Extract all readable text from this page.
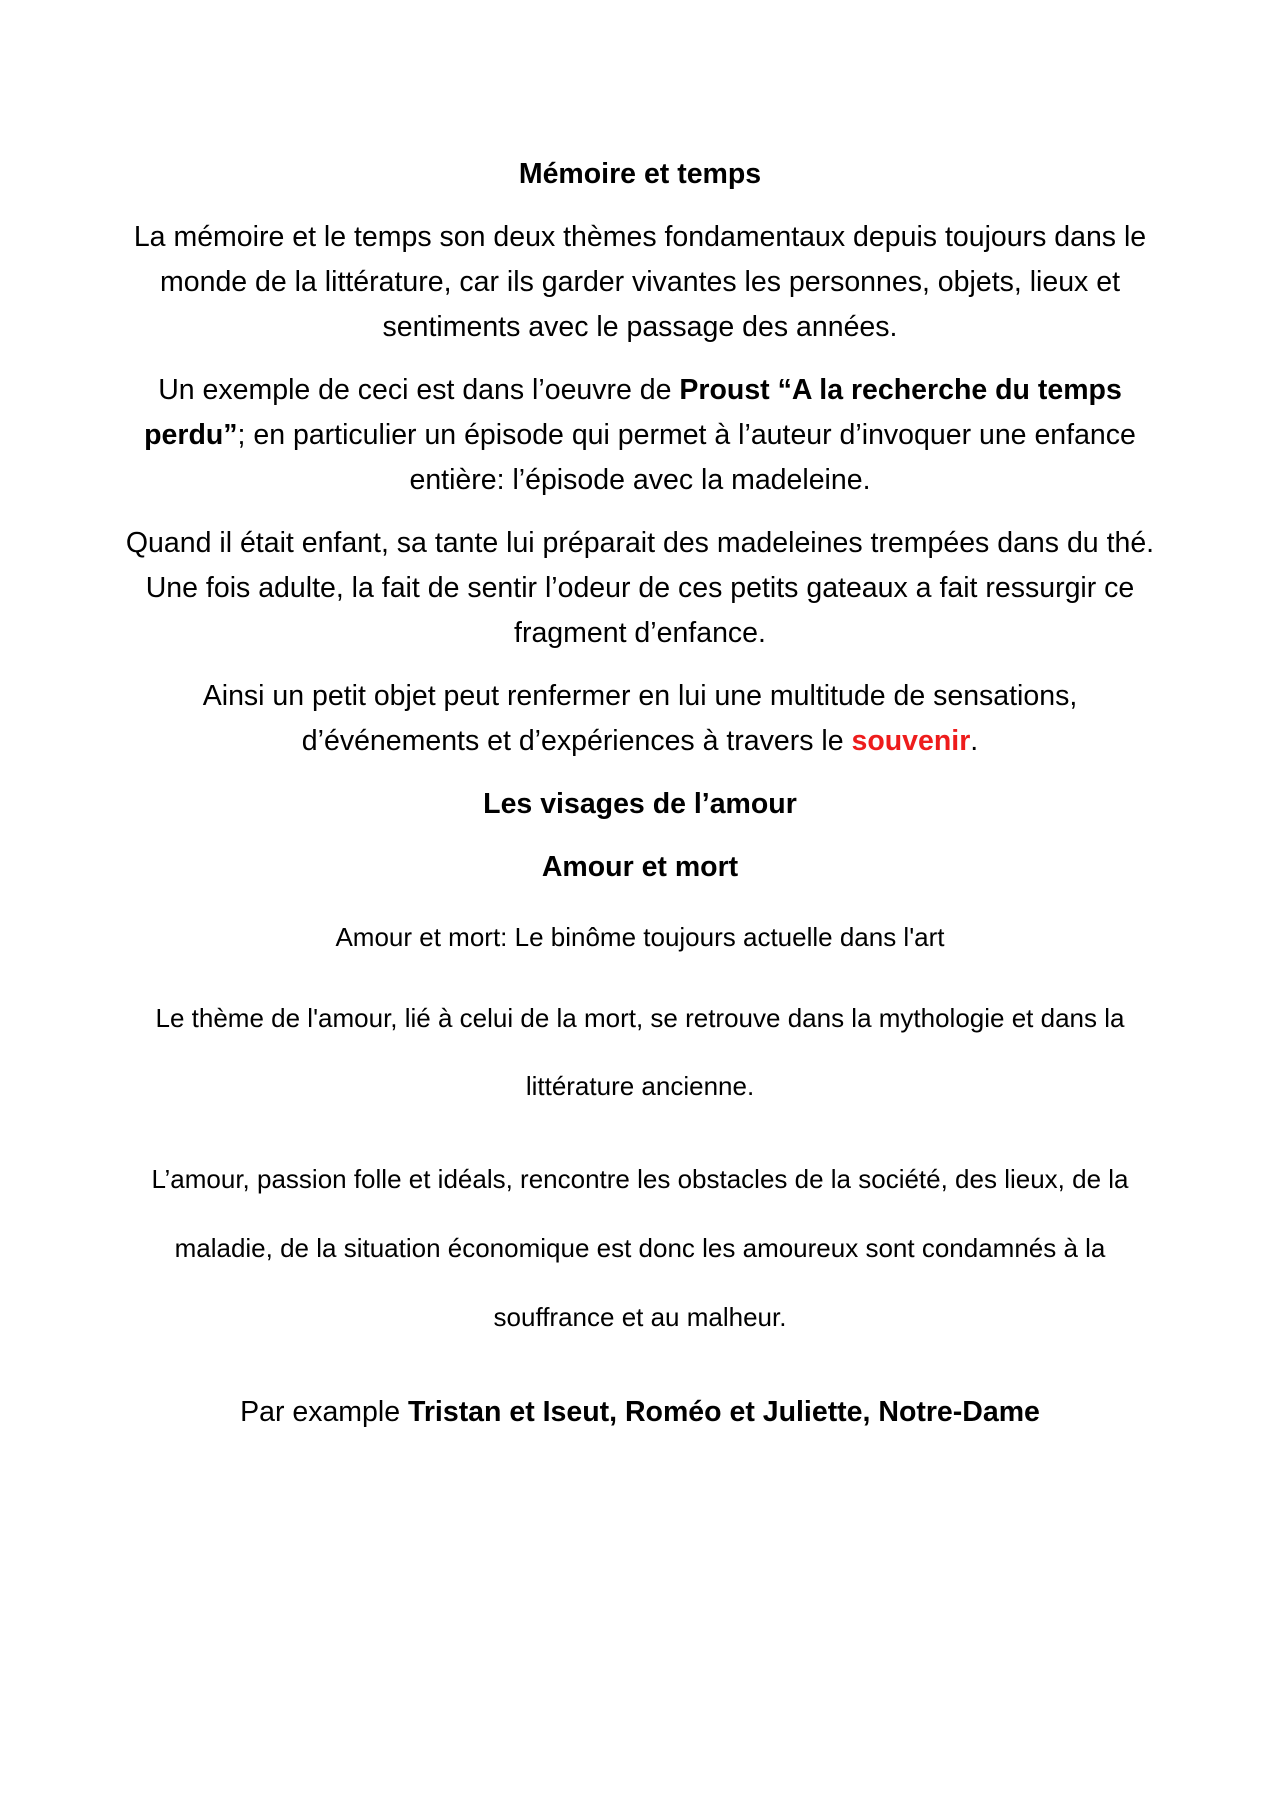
Mémoire et temps

La mémoire et le temps son deux thèmes fondamentaux depuis toujours dans le monde de la littérature, car ils garder vivantes les personnes, objets, lieux et sentiments avec le passage des années.

Un exemple de ceci est dans l’oeuvre de Proust “A la recherche du temps perdu”; en particulier un épisode qui permet à l’auteur d’invoquer une enfance entière: l’épisode avec la madeleine.

Quand il était enfant, sa tante lui préparait des madeleines trempées dans du thé. Une fois adulte, la fait de sentir l’odeur de ces petits gateaux a fait ressurgir ce fragment d’enfance.

Ainsi un petit objet peut renfermer en lui une multitude de sensations, d’événements et d’expériences à travers le souvenir.

Les visages de l’amour

Amour et mort

Amour et mort: Le binôme toujours actuelle dans l'art

Le thème de l'amour, lié à celui de la mort, se retrouve dans la mythologie et dans la littérature ancienne.

L’amour, passion folle et idéals, rencontre les obstacles de la société, des lieux, de la maladie, de la situation économique est donc les amoureux sont condamnés à la souffrance et au malheur.

Par example Tristan et Iseut, Roméo et Juliette, Notre-Dame
